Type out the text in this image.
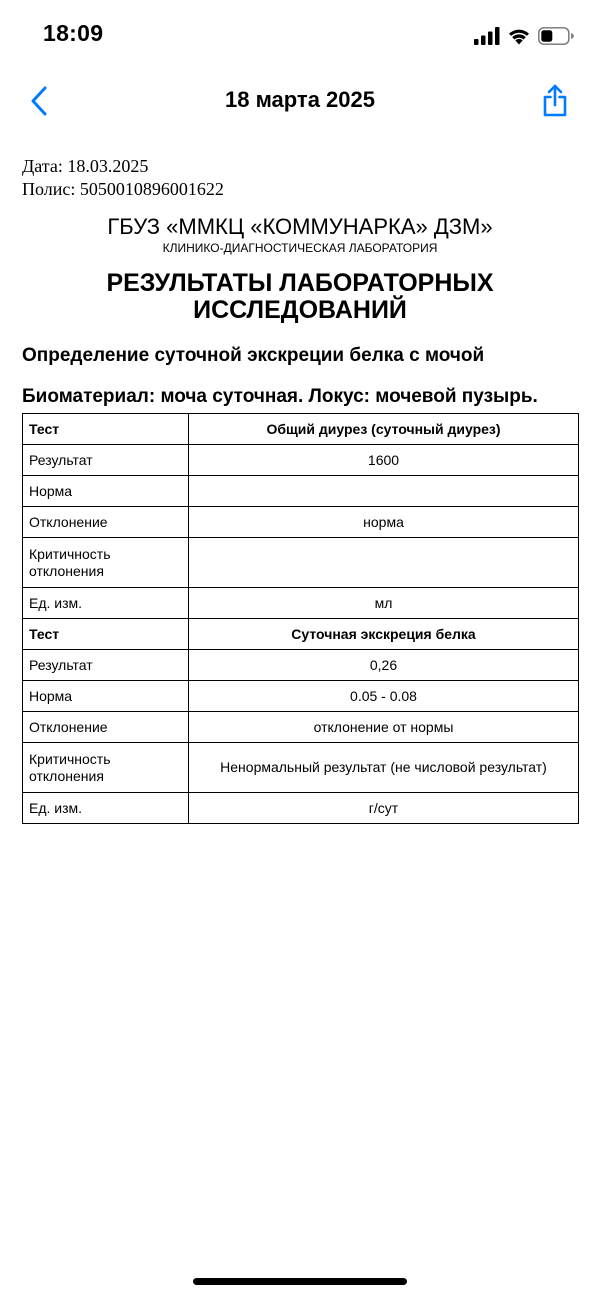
18:09
18 марта 2025
Дата: 18.03.2025
Полис: 5050010896001622
ГБУЗ «ММКЦ «КОММУНАРКА» ДЗМ»
КЛИНИКО-ДИАГНОСТИЧЕСКАЯ ЛАБОРАТОРИЯ
РЕЗУЛЬТАТЫ ЛАБОРАТОРНЫХ
ИССЛЕДОВАНИЙ
Определение суточной экскреции белка с мочой
Биоматериал: моча суточная. Локус: мочевой пузырь.
Тест	Общий диурез (суточный диурез)
Результат	1600
Норма	
Отклонение	норма
Критичность отклонения	
Ед. изм.	мл
Тест	Суточная экскреция белка
Результат	0,26
Норма	0.05 - 0.08
Отклонение	отклонение от нормы
Критичность отклонения	Ненормальный результат (не числовой результат)
Ед. изм.	г/сут
